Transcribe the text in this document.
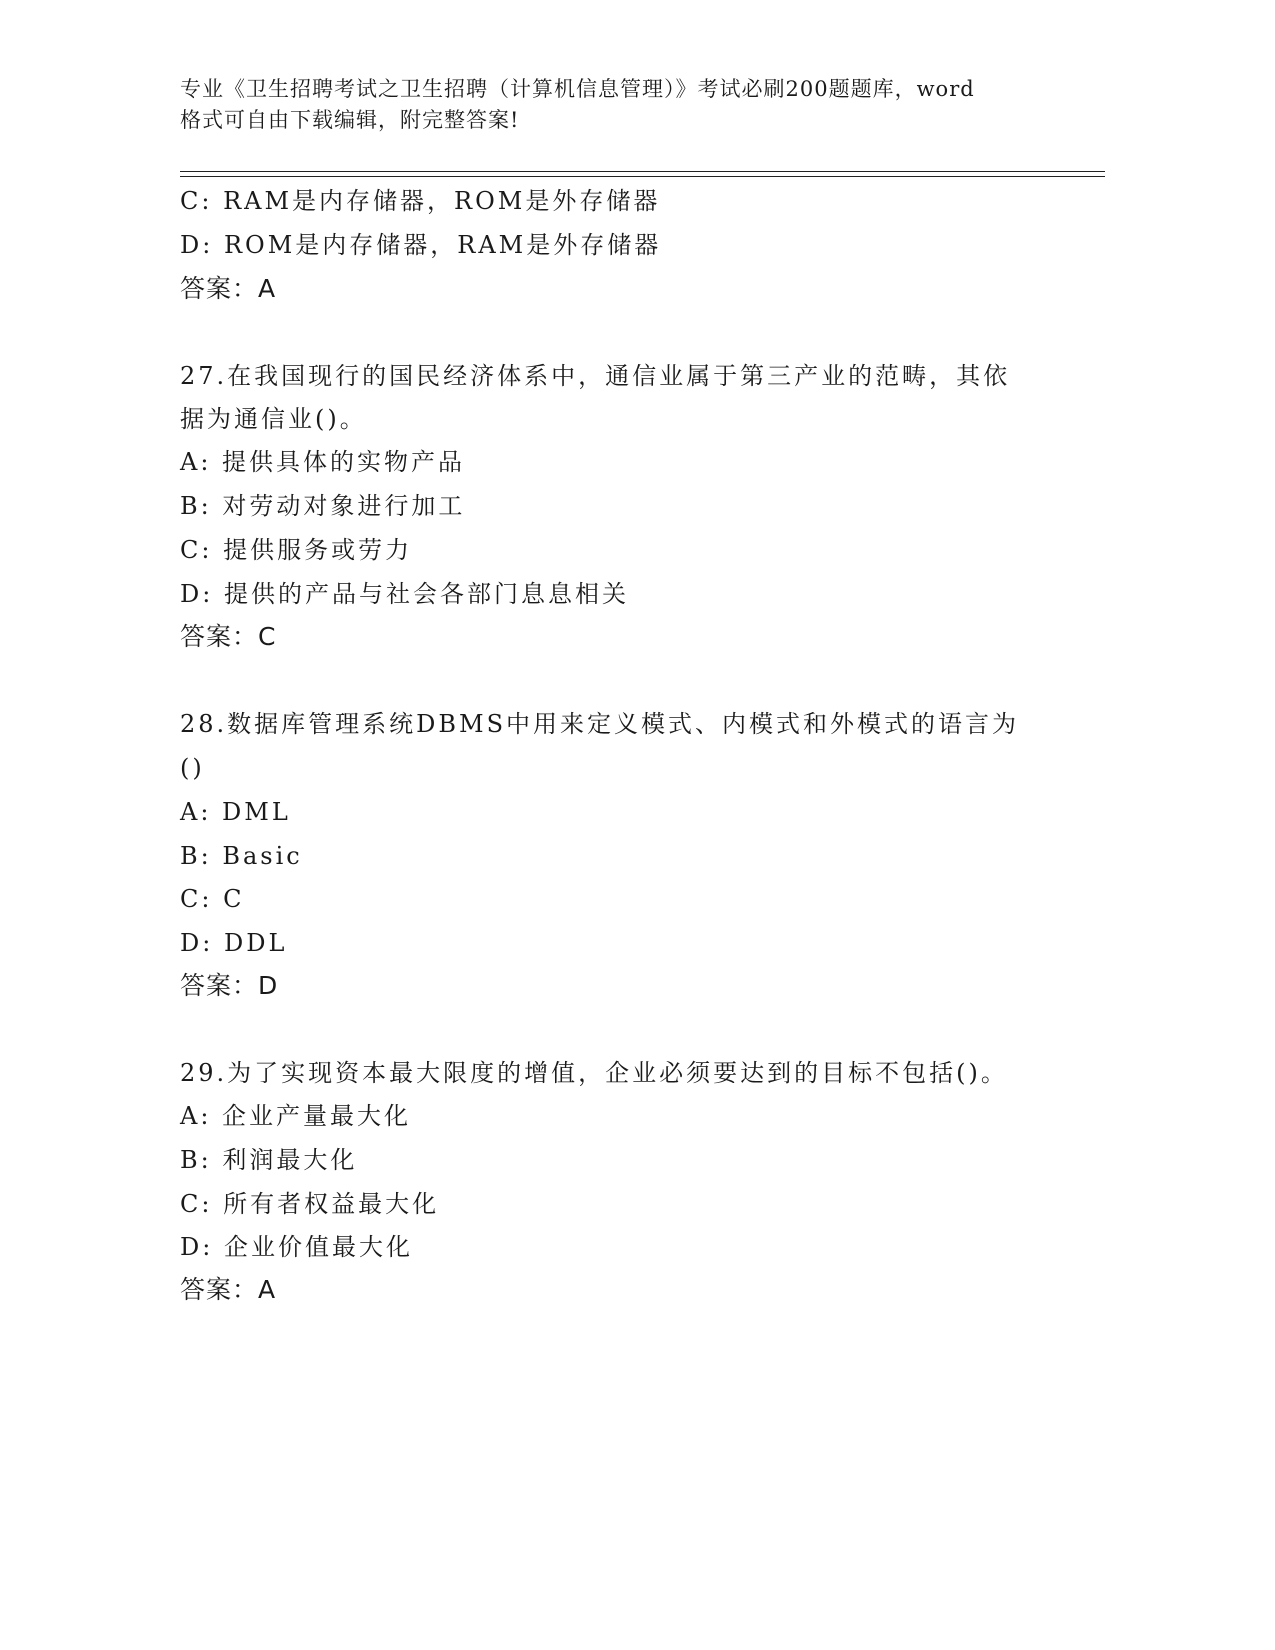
专业《卫生招聘考试之卫生招聘（计算机信息管理）》考试必刷200题题库，word
格式可自由下载编辑，附完整答案!
C: RAM是内存储器，ROM是外存储器
D: ROM是内存储器，RAM是外存储器
答案：A
27.在我国现行的国民经济体系中，通信业属于第三产业的范畴，其依
据为通信业()。
A: 提供具体的实物产品
B: 对劳动对象进行加工
C: 提供服务或劳力
D: 提供的产品与社会各部门息息相关
答案：C
28.数据库管理系统DBMS中用来定义模式、内模式和外模式的语言为
()
A: DML
B: Basic
C: C
D: DDL
答案：D
29.为了实现资本最大限度的增值，企业必须要达到的目标不包括()。
A: 企业产量最大化
B: 利润最大化
C: 所有者权益最大化
D: 企业价值最大化
答案：A
